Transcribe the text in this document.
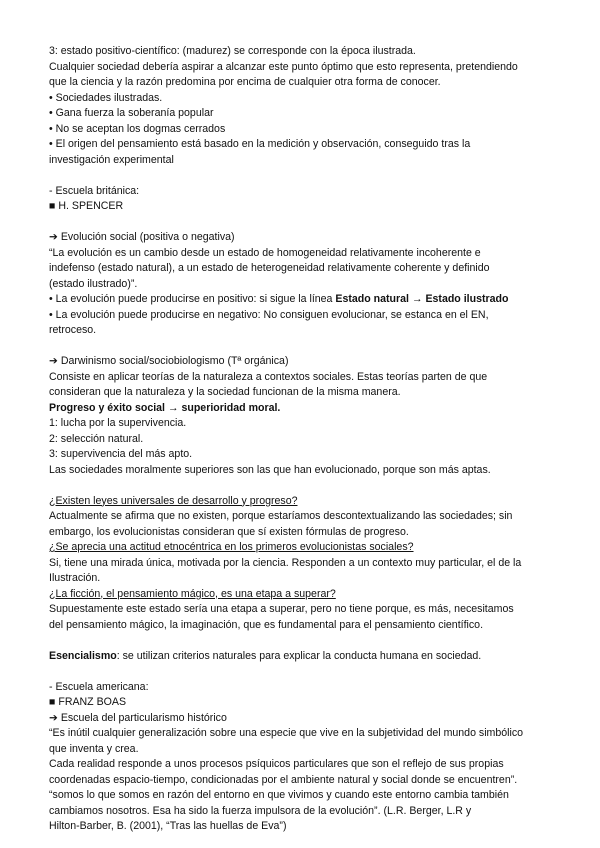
3: estado positivo-científico: (madurez) se corresponde con la época ilustrada.
Cualquier sociedad debería aspirar a alcanzar este punto óptimo que esto representa, pretendiendo
que la ciencia y la razón predomina por encima de cualquier otra forma de conocer.
• Sociedades ilustradas.
• Gana fuerza la soberanía popular
• No se aceptan los dogmas cerrados
• El origen del pensamiento está basado en la medición y observación, conseguido tras la
investigación experimental
- Escuela británica:
■ H. SPENCER
➔ Evolución social (positiva o negativa)
“La evolución es un cambio desde un estado de homogeneidad relativamente incoherente e
indefenso (estado natural), a un estado de heterogeneidad relativamente coherente y definido
(estado ilustrado)”.
• La evolución puede producirse en positivo: si sigue la línea Estado natural → Estado ilustrado
• La evolución puede producirse en negativo: No consiguen evolucionar, se estanca en el EN,
retroceso.
➔ Darwinismo social/sociobiologismo (Tª orgánica)
Consiste en aplicar teorías de la naturaleza a contextos sociales. Estas teorías parten de que
consideran que la naturaleza y la sociedad funcionan de la misma manera.
Progreso y éxito social → superioridad moral.
1: lucha por la supervivencia.
2: selección natural.
3: supervivencia del más apto.
Las sociedades moralmente superiores son las que han evolucionado, porque son más aptas.
¿Existen leyes universales de desarrollo y progreso?
Actualmente se afirma que no existen, porque estaríamos descontextualizando las sociedades; sin
embargo, los evolucionistas consideran que sí existen fórmulas de progreso.
¿Se aprecia una actitud etnocéntrica en los primeros evolucionistas sociales?
Si, tiene una mirada única, motivada por la ciencia. Responden a un contexto muy particular, el de la
Ilustración.
¿La ficción, el pensamiento mágico, es una etapa a superar?
Supuestamente este estado sería una etapa a superar, pero no tiene porque, es más, necesitamos
del pensamiento mágico, la imaginación, que es fundamental para el pensamiento científico.
Esencialismo: se utilizan criterios naturales para explicar la conducta humana en sociedad.
- Escuela americana:
■ FRANZ BOAS
➔ Escuela del particularismo histórico
“Es inútil cualquier generalización sobre una especie que vive en la subjetividad del mundo simbólico
que inventa y crea.
Cada realidad responde a unos procesos psíquicos particulares que son el reflejo de sus propias
coordenadas espacio-tiempo, condicionadas por el ambiente natural y social donde se encuentren”.
“somos lo que somos en razón del entorno en que vivimos y cuando este entorno cambia también
cambiamos nosotros. Esa ha sido la fuerza impulsora de la evolución”. (L.R. Berger, L.R y
Hilton-Barber, B. (2001), “Tras las huellas de Eva”)
